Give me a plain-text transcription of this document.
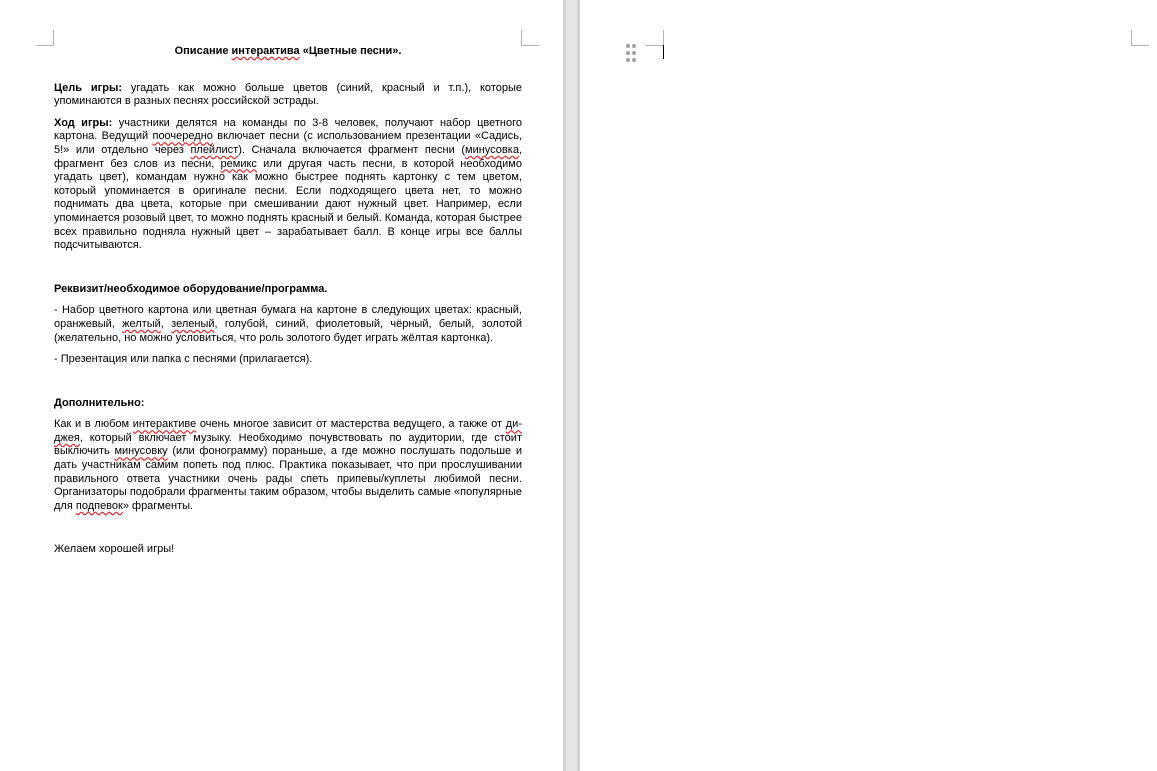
Описание интерактива «Цветные песни».

Цель игры: угадать как можно больше цветов (синий, красный и т.п.), которые упоминаются в разных песнях российской эстрады.

Ход игры: участники делятся на команды по 3-8 человек, получают набор цветного картона. Ведущий поочередно включает песни (с использованием презентации «Садись, 5!» или отдельно через плейлист). Сначала включается фрагмент песни (минусовка, фрагмент без слов из песни, ремикс или другая часть песни, в которой необходимо угадать цвет), командам нужно как можно быстрее поднять картонку с тем цветом, который упоминается в оригинале песни. Если подходящего цвета нет, то можно поднимать два цвета, которые при смешивании дают нужный цвет. Например, если упоминается розовый цвет, то можно поднять красный и белый. Команда, которая быстрее всех правильно подняла нужный цвет – зарабатывает балл. В конце игры все баллы подсчитываются.

Реквизит/необходимое оборудование/программа.

- Набор цветного картона или цветная бумага на картоне в следующих цветах: красный, оранжевый, желтый, зеленый, голубой, синий, фиолетовый, чёрный, белый, золотой (желательно, но можно условиться, что роль золотого будет играть жёлтая картонка).

- Презентация или папка с песнями (прилагается).

Дополнительно:

Как и в любом интерактиве очень многое зависит от мастерства ведущего, а также от ди-джея, который включает музыку. Необходимо почувствовать по аудитории, где стоит выключить минусовку (или фонограмму) пораньше, а где можно послушать подольше и дать участникам самим попеть под плюс. Практика показывает, что при прослушивании правильного ответа участники очень рады спеть припевы/куплеты любимой песни. Организаторы подобрали фрагменты таким образом, чтобы выделить самые «популярные для подпевок» фрагменты.

Желаем хорошей игры!
